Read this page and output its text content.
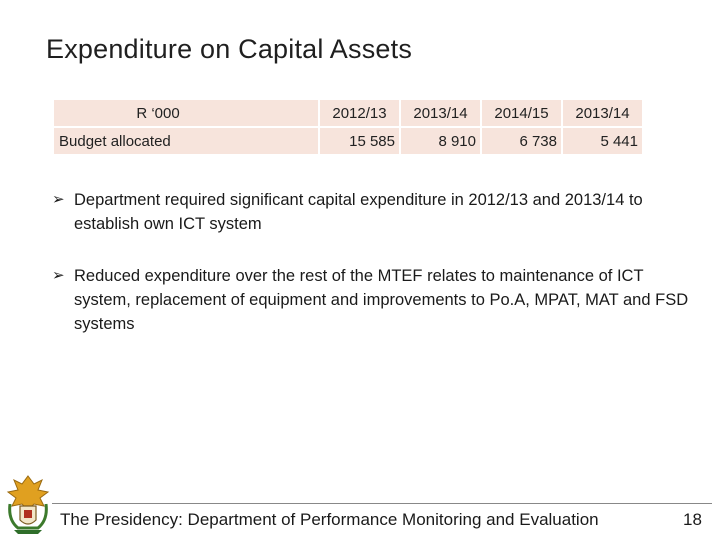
Expenditure on Capital Assets
R ‘000	2012/13	2013/14	2014/15	2013/14
Budget allocated	15 585	8 910	6 738	5 441
➢ Department required significant capital expenditure in 2012/13 and 2013/14 to establish own ICT system
➢ Reduced expenditure over the rest of the MTEF relates to maintenance of ICT system, replacement of equipment and improvements to Po.A, MPAT, MAT and FSD systems
The Presidency: Department of Performance Monitoring and Evaluation	18
